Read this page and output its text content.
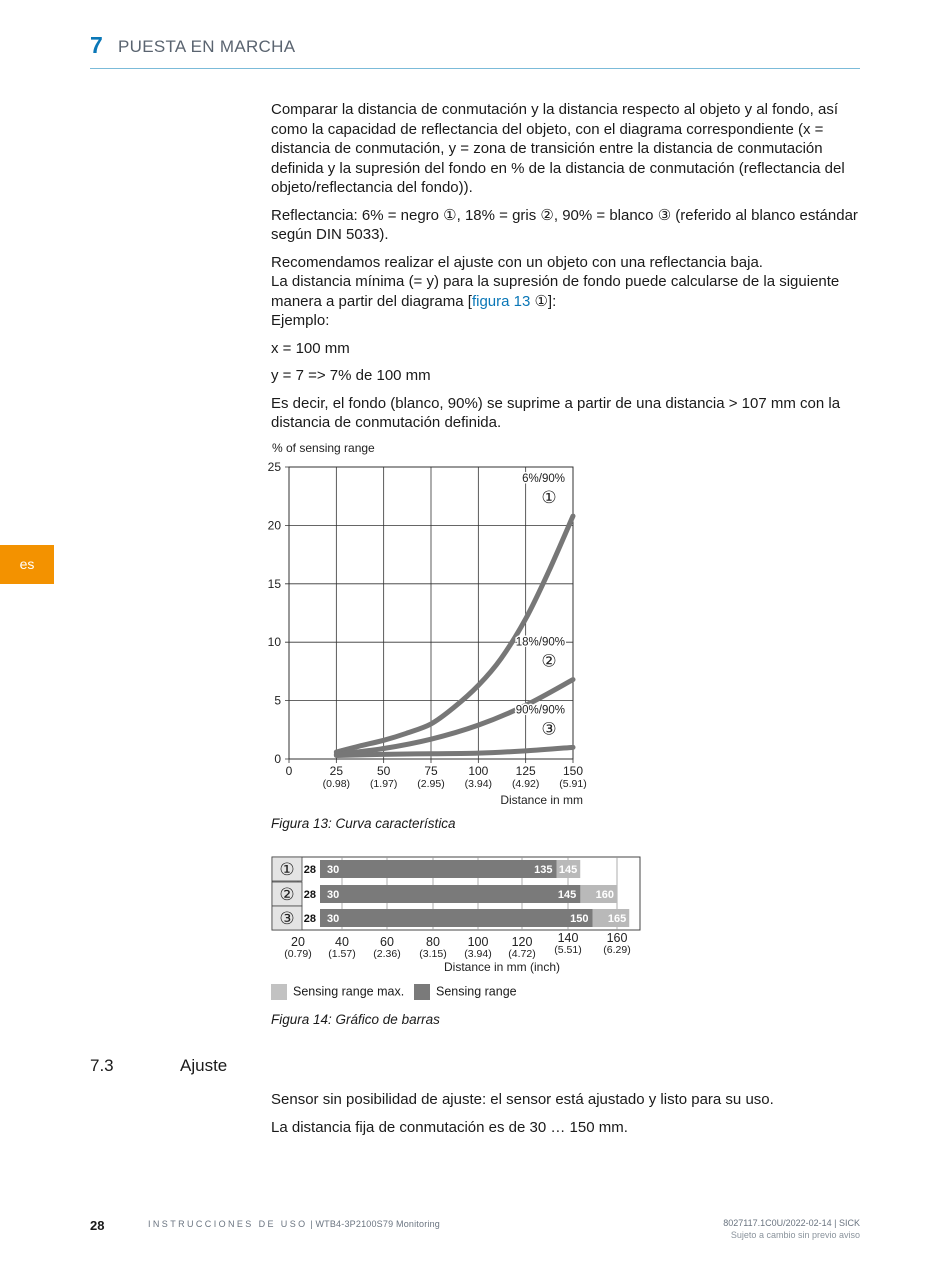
7 PUESTA EN MARCHA
es

Comparar la distancia de conmutación y la distancia respecto al objeto y al fondo, así como la capacidad de reflectancia del objeto, con el diagrama correspondiente (x = distancia de conmutación, y = zona de transición entre la distancia de conmutación definida y la supresión del fondo en % de la distancia de conmutación (reflectancia del objeto/reflectancia del fondo)).

Reflectancia: 6% = negro ①, 18% = gris ②, 90% = blanco ③ (referido al blanco estándar según DIN 5033).

Recomendamos realizar el ajuste con un objeto con una reflectancia baja.
La distancia mínima (= y) para la supresión de fondo puede calcularse de la siguiente manera a partir del diagrama [figura 13 ①]:
Ejemplo:

x = 100 mm

y = 7 => 7% de 100 mm

Es decir, el fondo (blanco, 90%) se suprime a partir de una distancia > 107 mm con la distancia de conmutación definida.

% of sensing range
0
5
10
15
20
25
0	25
(0.98)
50
(1.97)
75
(2.95)
100
(3.94)
125
(4.92)
150
(5.91)
6%/90%
①
18%/90%
②
90%/90%
③
Distance in mm
Figura 13: Curva característica
① 28 30	135 145
② 28 30	145 160
③ 28 30	150 165
20
(0.79)
40
(1.57)
60
(2.36)
80
(3.15)
100
(3.94)
120
(4.72)
140
(5.51)
160
(6.29)
Distance in mm (inch)
Sensing range max.	Sensing range
Figura 14: Gráfico de barras
7.3	Ajuste

Sensor sin posibilidad de ajuste: el sensor está ajustado y listo para su uso.

La distancia fija de conmutación es de 30 … 150 mm.

28	INSTRUCCIONES DE USO | WTB4-3P2100S79 Monitoring	8027117.1C0U/2022-02-14 | SICK
Sujeto a cambio sin previo aviso
